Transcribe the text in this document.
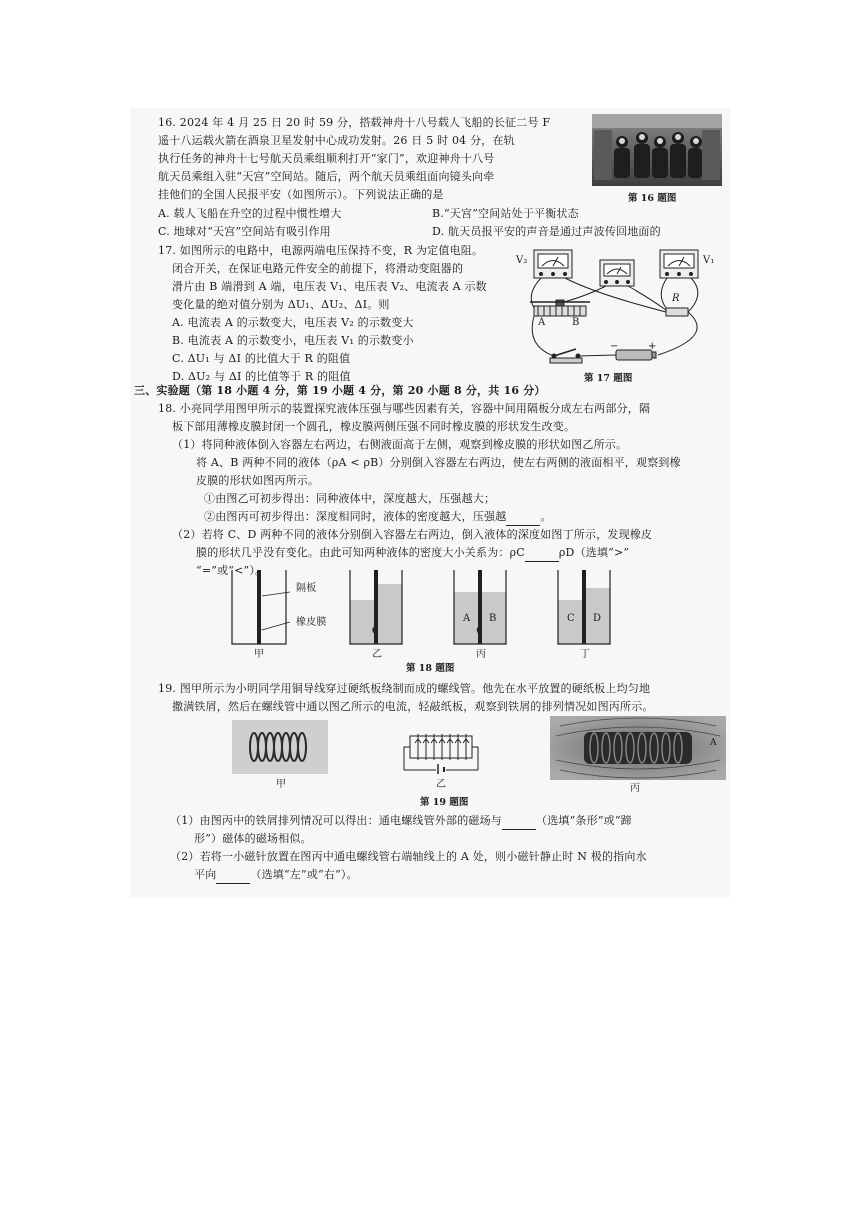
16. 2024 年 4 月 25 日 20 时 59 分，搭载神舟十八号载人飞船的长征二号 F
遥十八运载火箭在酒泉卫星发射中心成功发射。26 日 5 时 04 分，在轨
执行任务的神舟十七号航天员乘组顺利打开“家门”，欢迎神舟十八号
航天员乘组入驻“天宫”空间站。随后，两个航天员乘组面向镜头向牵
挂他们的全国人民报平安（如图所示）。下列说法正确的是
A. 载人飞船在升空的过程中惯性增大	B.“天宫”空间站处于平衡状态
C. 地球对“天宫”空间站有吸引作用	D. 航天员报平安的声音是通过声波传回地面的
第 16 题图
17. 如图所示的电路中，电源两端电压保持不变，R 为定值电阻。
闭合开关，在保证电路元件安全的前提下，将滑动变阻器的
滑片由 B 端滑到 A 端，电压表 V₁、电压表 V₂、电流表 A 示数
变化量的绝对值分别为 ΔU₁、ΔU₂、ΔI。则
A. 电流表 A 的示数变大，电压表 V₂ 的示数变大
B. 电流表 A 的示数变小，电压表 V₁ 的示数变小
C. ΔU₁ 与 ΔI 的比值大于 R 的阻值
D. ΔU₂ 与 ΔI 的比值等于 R 的阻值
V₂	V₁
R
A	B
−	+
第 17 题图
三、实验题（第 18 小题 4 分，第 19 小题 4 分，第 20 小题 8 分，共 16 分）
18. 小亮同学用图甲所示的装置探究液体压强与哪些因素有关，容器中间用隔板分成左右两部分，隔
板下部用薄橡皮膜封闭一个圆孔，橡皮膜两侧压强不同时橡皮膜的形状发生改变。
（1）将同种液体倒入容器左右两边，右侧液面高于左侧，观察到橡皮膜的形状如图乙所示。
将 A、B 两种不同的液体（ρA < ρB）分别倒入容器左右两边，使左右两侧的液面相平，观察到橡
皮膜的形状如图丙所示。
①由图乙可初步得出：同种液体中，深度越大，压强越大；
②由图丙可初步得出：深度相同时，液体的密度越大，压强越	。
（2）若将 C、D 两种不同的液体分别倒入容器左右两边，倒入液体的深度如图丁所示，发现橡皮
膜的形状几乎没有变化。由此可知两种液体的密度大小关系为：ρC	ρD（选填“>”
“=”或“<”）。
隔板
橡皮膜
甲	乙	丙	丁
A B	C D
第 18 题图
19. 图甲所示为小明同学用铜导线穿过硬纸板绕制而成的螺线管。他先在水平放置的硬纸板上均匀地
撒满铁屑，然后在螺线管中通以图乙所示的电流，轻敲纸板，观察到铁屑的排列情况如图丙所示。
A
甲	乙	丙
第 19 题图
（1）由图丙中的铁屑排列情况可以得出：通电螺线管外部的磁场与	（选填“条形”或“蹄
形”）磁体的磁场相似。
（2）若将一小磁针放置在图丙中通电螺线管右端轴线上的 A 处，则小磁针静止时 N 极的指向水
平向	（选填“左”或“右”）。
